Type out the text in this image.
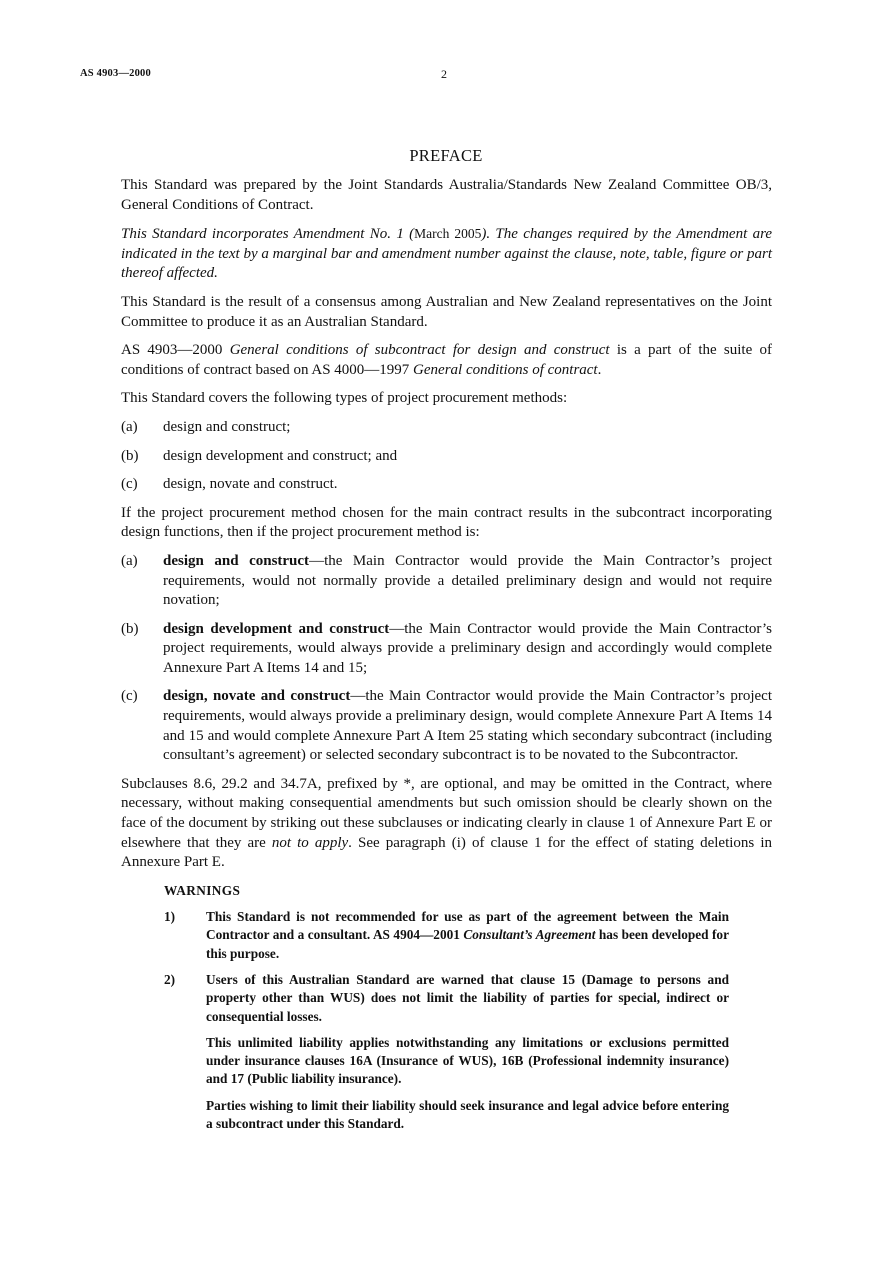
AS 4903—2000	2
PREFACE

This Standard was prepared by the Joint Standards Australia/Standards New Zealand Committee OB/3, General Conditions of Contract.

This Standard incorporates Amendment No. 1 (March 2005). The changes required by the Amendment are indicated in the text by a marginal bar and amendment number against the clause, note, table, figure or part thereof affected.

This Standard is the result of a consensus among Australian and New Zealand representatives on the Joint Committee to produce it as an Australian Standard.

AS 4903—2000 General conditions of subcontract for design and construct is a part of the suite of conditions of contract based on AS 4000—1997 General conditions of contract.

This Standard covers the following types of project procurement methods:

(a)	design and construct;
(b)	design development and construct; and
(c)	design, novate and construct.

If the project procurement method chosen for the main contract results in the subcontract incorporating design functions, then if the project procurement method is:

(a)	design and construct—the Main Contractor would provide the Main Contractor’s project requirements, would not normally provide a detailed preliminary design and would not require novation;
(b)	design development and construct—the Main Contractor would provide the Main Contractor’s project requirements, would always provide a preliminary design and accordingly would complete Annexure Part A Items 14 and 15;
(c)	design, novate and construct—the Main Contractor would provide the Main Contractor’s project requirements, would always provide a preliminary design, would complete Annexure Part A Items 14 and 15 and would complete Annexure Part A Item 25 stating which secondary subcontract (including consultant’s agreement) or selected secondary subcontract is to be novated to the Subcontractor.

Subclauses 8.6, 29.2 and 34.7A, prefixed by *, are optional, and may be omitted in the Contract, where necessary, without making consequential amendments but such omission should be clearly shown on the face of the document by striking out these subclauses or indicating clearly in clause 1 of Annexure Part E or elsewhere that they are not to apply. See paragraph (i) of clause 1 for the effect of stating deletions in Annexure Part E.

WARNINGS
1)	This Standard is not recommended for use as part of the agreement between the Main Contractor and a consultant. AS 4904—2001 Consultant’s Agreement has been developed for this purpose.
2)	Users of this Australian Standard are warned that clause 15 (Damage to persons and property other than WUS) does not limit the liability of parties for special, indirect or consequential losses.
This unlimited liability applies notwithstanding any limitations or exclusions permitted under insurance clauses 16A (Insurance of WUS), 16B (Professional indemnity insurance) and 17 (Public liability insurance).
Parties wishing to limit their liability should seek insurance and legal advice before entering a subcontract under this Standard.
